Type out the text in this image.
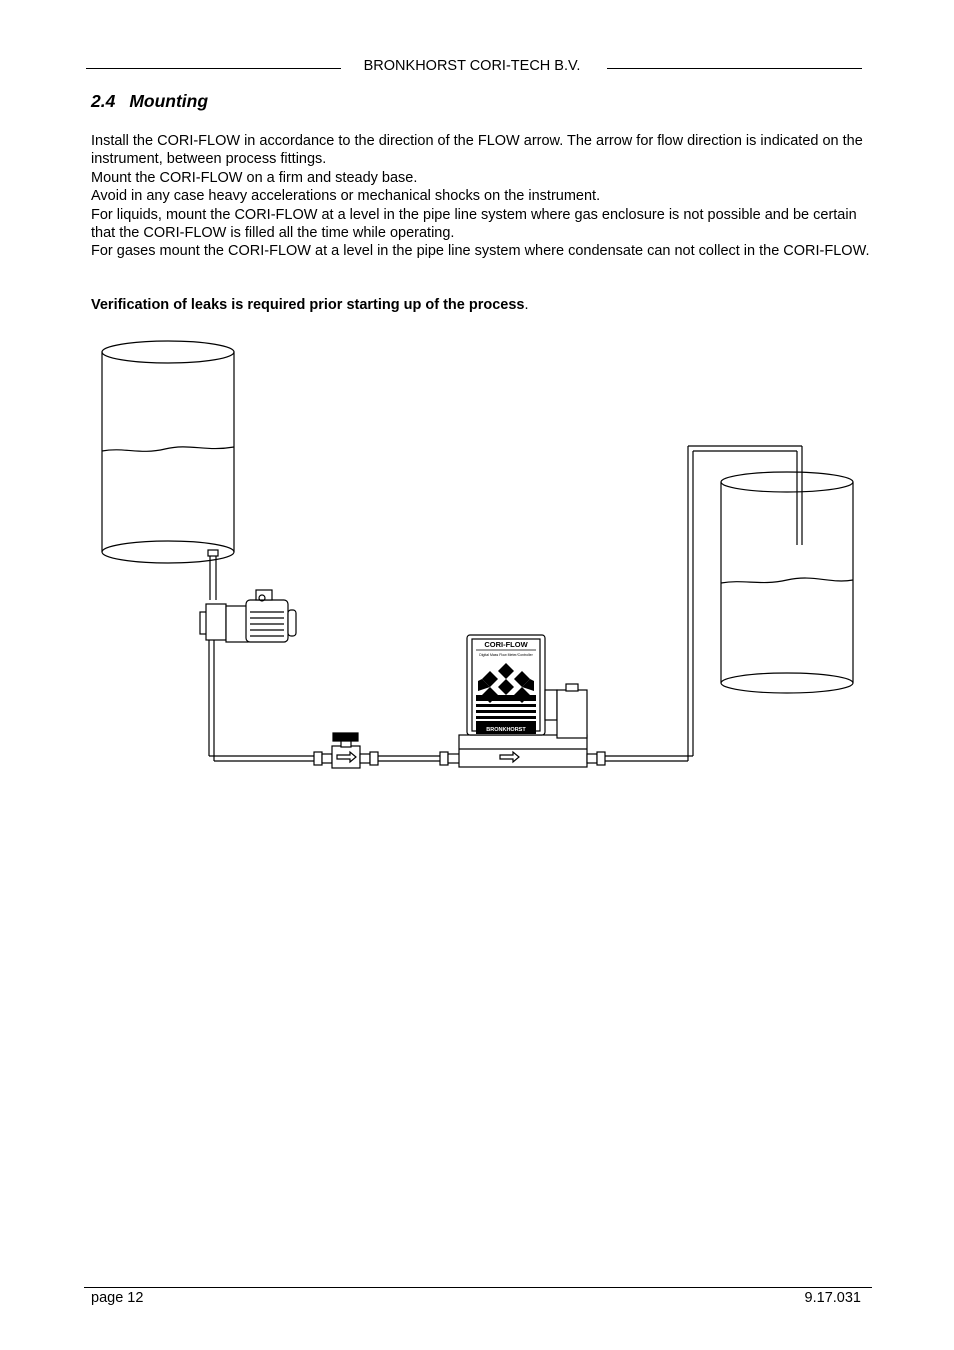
BRONKHORST CORI-TECH B.V.
2.4 Mounting

Install the CORI-FLOW in accordance to the direction of the FLOW arrow. The arrow for flow direction is indicated on the instrument, between process fittings.

Mount the CORI-FLOW on a firm and steady base.

Avoid in any case heavy accelerations or mechanical shocks on the instrument.

For liquids, mount the CORI-FLOW at a level in the pipe line system where gas enclosure is not possible and be certain that the CORI-FLOW is filled all the time while operating.

For gases mount the CORI-FLOW at a level in the pipe line system where condensate can not collect in the CORI-FLOW.

Verification of leaks is required prior starting up of the process.
CORI-FLOW
Digital Mass Flow Meter/Controller
BRONKHORST
page 12	9.17.031
